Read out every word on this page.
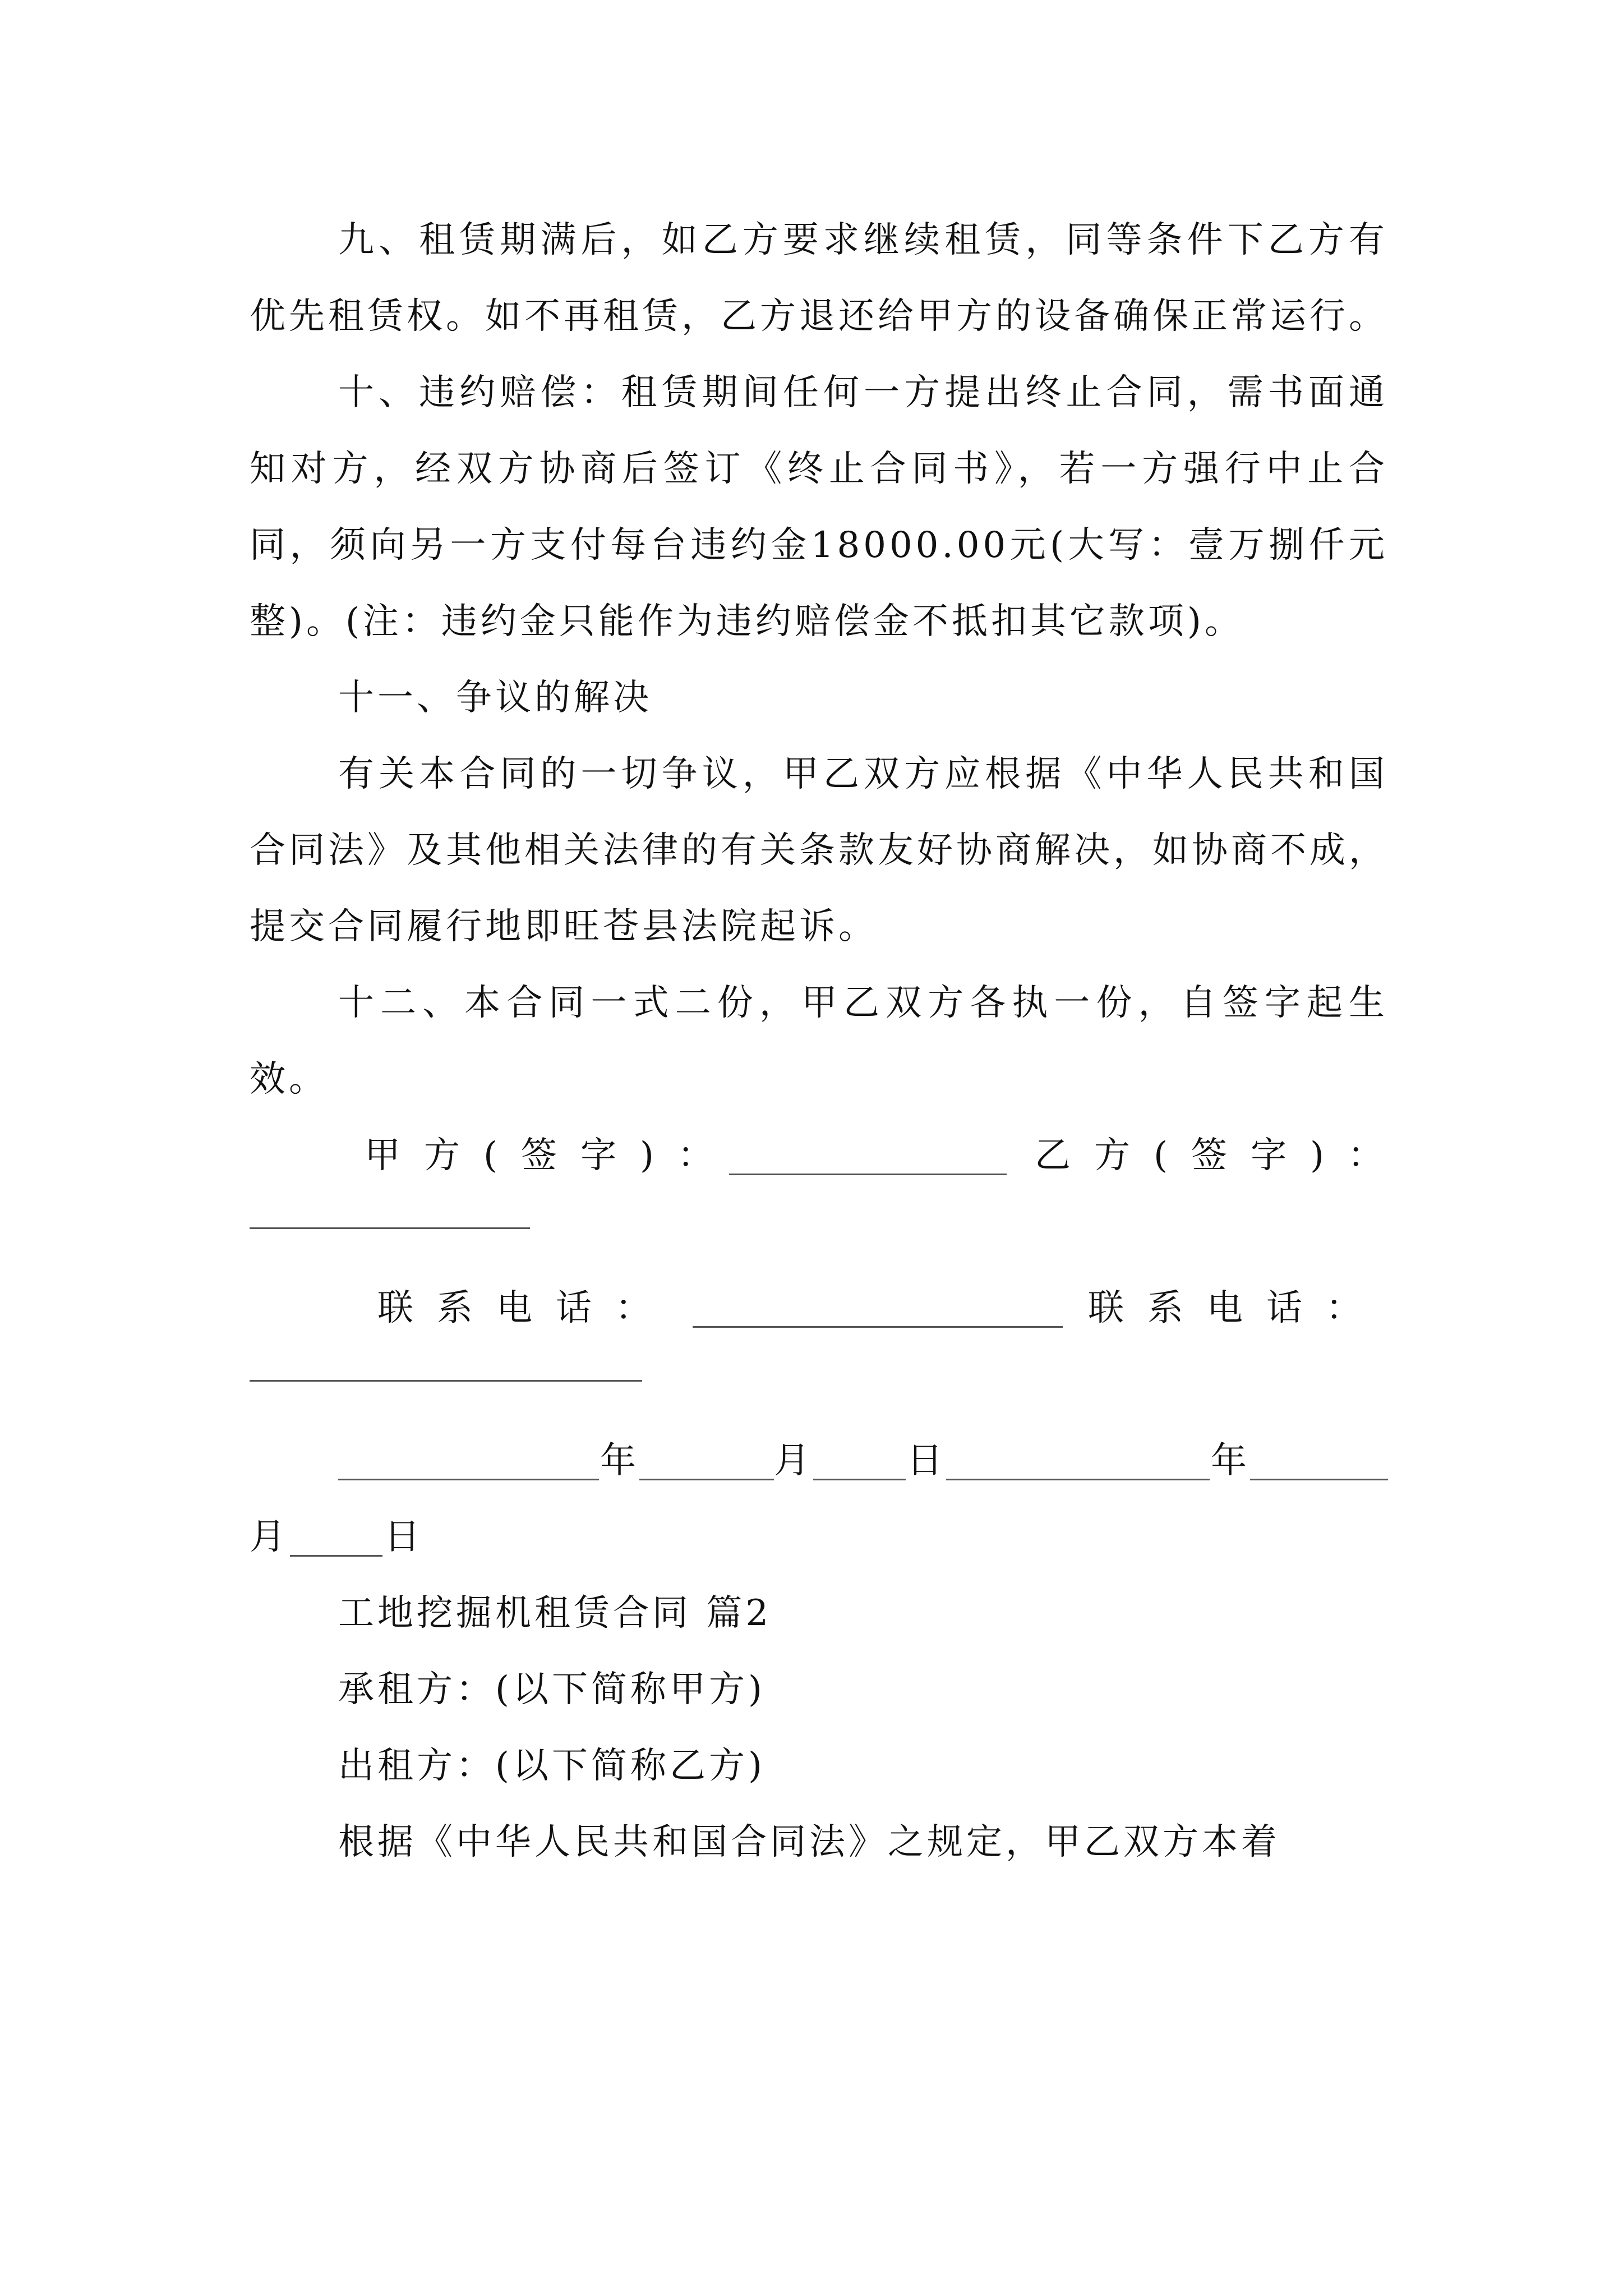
九、租赁期满后，如乙方要求继续租赁，同等条件下乙方有优先租赁权。如不再租赁，乙方退还给甲方的设备确保正常运行。

十、违约赔偿：租赁期间任何一方提出终止合同，需书面通知对方，经双方协商后签订《终止合同书》，若一方强行中止合同，须向另一方支付每台违约金18000.00元(大写：壹万捌仟元整)。(注：违约金只能作为违约赔偿金不抵扣其它款项)。

十一、争议的解决

有关本合同的一切争议，甲乙双方应根据《中华人民共和国合同法》及其他相关法律的有关条款友好协商解决，如协商不成，提交合同履行地即旺苍县法院起诉。

十二、本合同一式二份，甲乙双方各执一份，自签字起生效。

甲方(签字)：	乙方(签字)：
联系电话：	联系电话：
年	月	日	年
月	日

工地挖掘机租赁合同 篇2

承租方：(以下简称甲方)

出租方：(以下简称乙方)

根据《中华人民共和国合同法》之规定，甲乙双方本着
